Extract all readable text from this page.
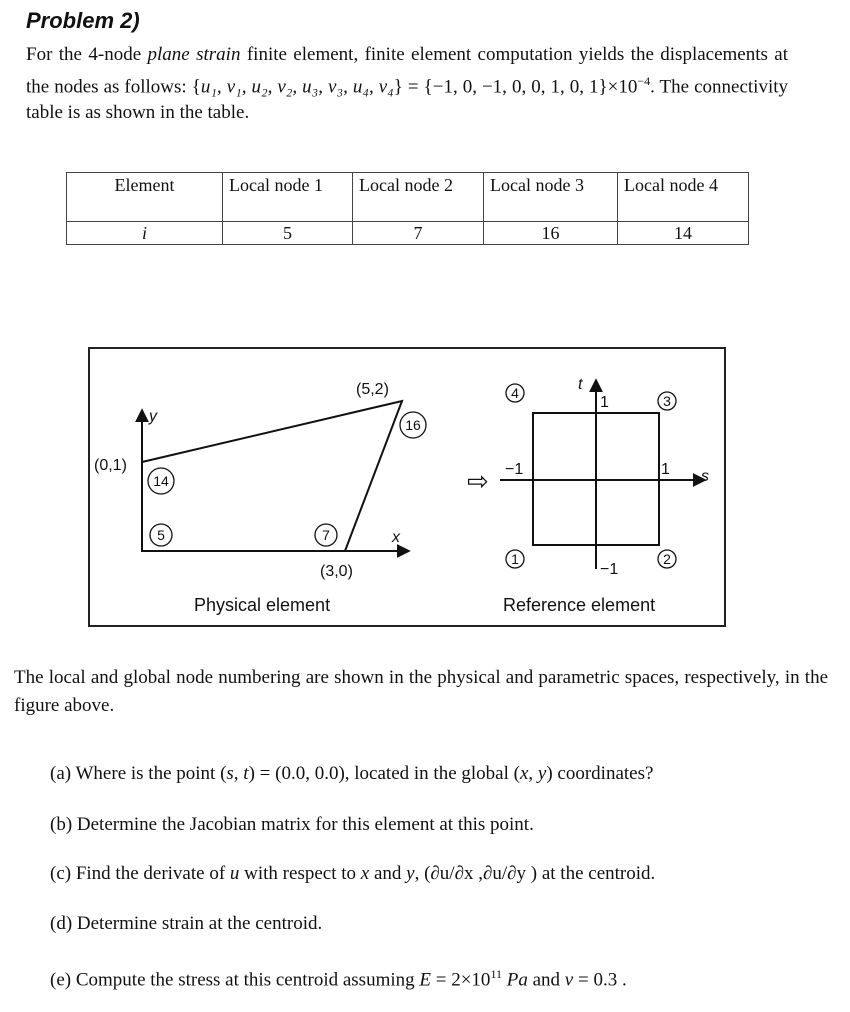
Problem 2)
For the 4-node plane strain finite element, finite element computation yields the displacements at the nodes as follows: {u₁, v₁, u₂, v₂, u₃, v₃, u₄, v₄} = {−1, 0, −1, 0, 0, 1, 0, $1\}\times 10^{-4}$. The connectivity table is as shown in the table.
Element	Local node 1	Local node 2	Local node 3	Local node 4
i	5	7	16	14
y
x
(5,2)
(0,1)
(3,0)
16
14
5	7
Physical element
⇨
t
s
1
1
−1
−1
4	3
1	2
Reference element
The local and global node numbering are shown in the physical and parametric spaces, respectively, in the figure above.
(a) Where is the point (s, t) = (0.0, 0.0), located in the global (x, y) coordinates?
(b) Determine the Jacobian matrix for this element at this point.
(c) Find the derivate of u with respect to x and y, (∂u/∂x ,∂u/∂y ) at the centroid.
(d) Determine strain at the centroid.
(e) Compute the stress at this centroid assuming $E = 2\times 10^{11}$ Pa and ν = 0.3 .
